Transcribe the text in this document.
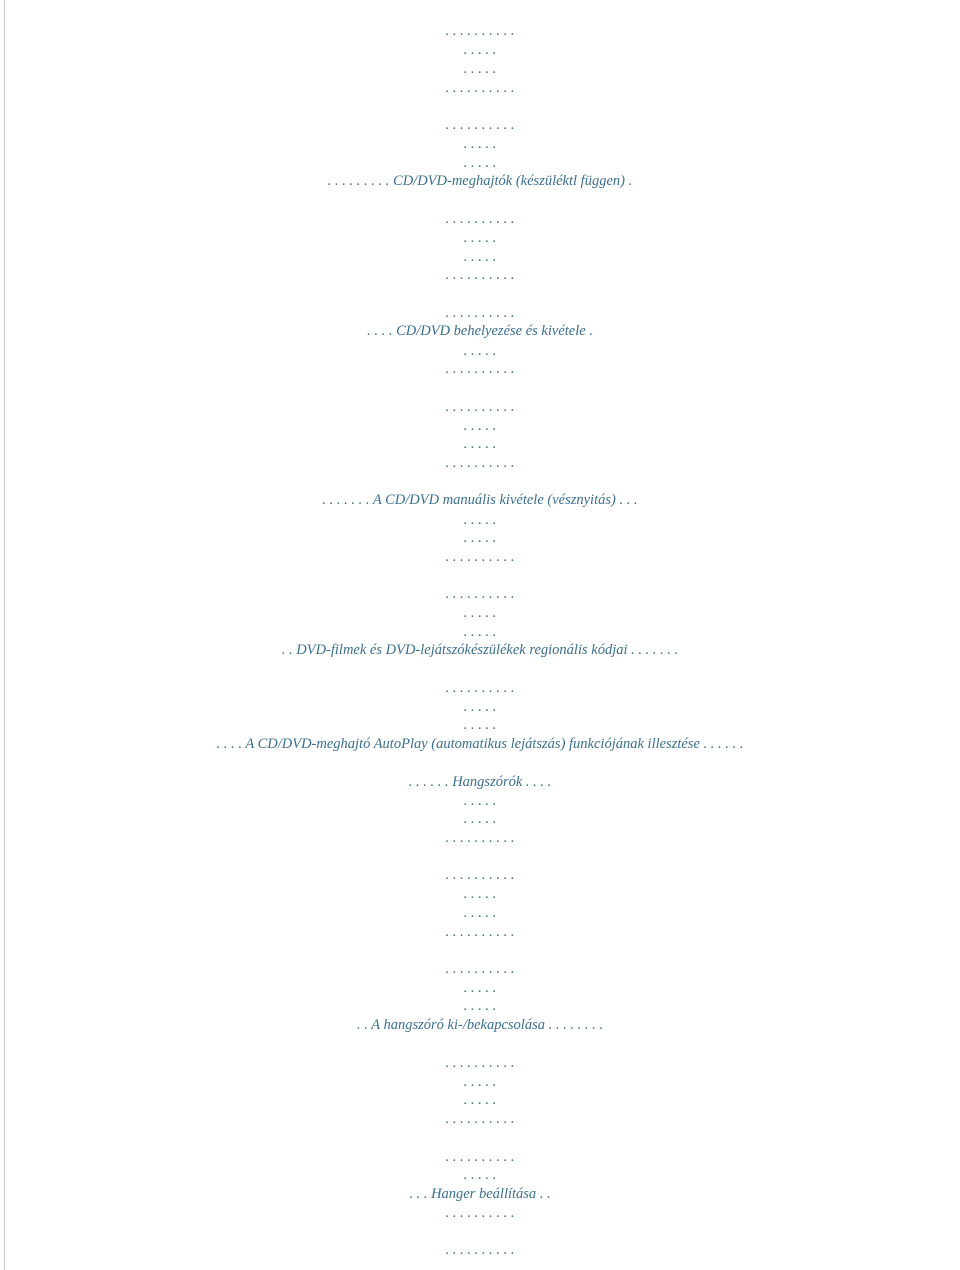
. . . . . . . . . .
. . . . .
. . . . .
. . . . . . . . . .
. . . . . . . . . .
. . . . .
. . . . .
. . . . . . . . . CD/DVD-meghajtók (készüléktl függen) .
. . . . . . . . . .
. . . . .
. . . . .
. . . . . . . . . .
. . . . . . . . . .
. . . . CD/DVD behelyezése és kivétele .
. . . . .
. . . . . . . . . .
. . . . . . . . . .
. . . . .
. . . . .
. . . . . . . . . .
. . . . . . . A CD/DVD manuális kivétele (vésznyitás) . . .
. . . . .
. . . . .
. . . . . . . . . .
. . . . . . . . . .
. . . . .
. . . . .
. . DVD-filmek és DVD-lejátszókészülékek regionális kódjai . . . . . . .
. . . . . . . . . .
. . . . .
. . . . .
. . . . A CD/DVD-meghajtó AutoPlay (automatikus lejátszás) funkciójának illesztése . . . . . .
. . . . . . Hangszórók . . . .
. . . . .
. . . . .
. . . . . . . . . .
. . . . . . . . . .
. . . . .
. . . . .
. . . . . . . . . .
. . . . . . . . . .
. . . . .
. . . . .
. . A hangszóró ki-/bekapcsolása . . . . . . . .
. . . . . . . . . .
. . . . .
. . . . .
. . . . . . . . . .
. . . . . . . . . .
. . . . .
. . . Hanger beállítása . .
. . . . . . . . . .
. . . . . . . . . .
